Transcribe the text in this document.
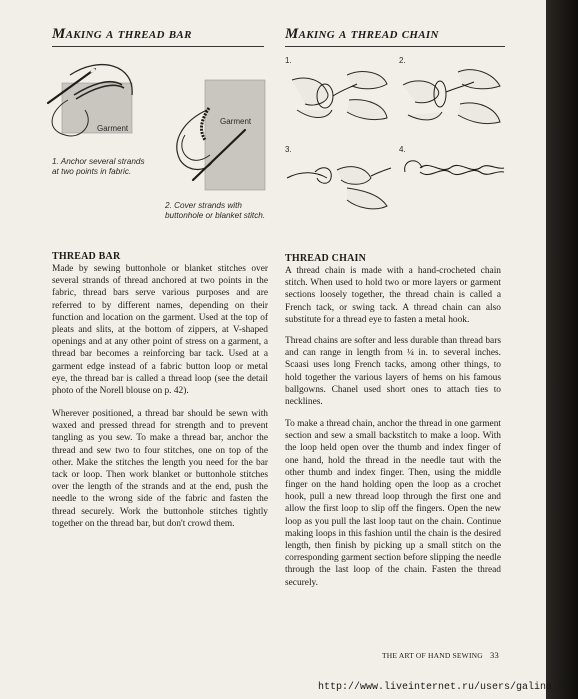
Making a thread bar	Making a thread chain
Garment
1. Anchor several strands at two points in fabric.
Garment
2. Cover strands with buttonhole or blanket stitch.
1.	2.
3.	4.
THREAD BAR

Made by sewing buttonhole or blanket stitches over several strands of thread anchored at two points in the fabric, thread bars serve various purposes and are referred to by different names, depending on their function and location on the garment. Used at the top of pleats and slits, at the bottom of zippers, at V-shaped openings and at any other point of stress on a garment, a thread bar becomes a reinforcing bar tack. Used at a garment edge instead of a fabric button loop or metal eye, the thread bar is called a thread loop (see the detail photo of the Norell blouse on p. 42).

Wherever positioned, a thread bar should be sewn with waxed and pressed thread for strength and to prevent tangling as you sew. To make a thread bar, anchor the thread and sew two to four stitches, one on top of the other. Make the stitches the length you need for the bar tack or loop. Then work blanket or buttonhole stitches over the length of the strands and at the end, push the needle to the wrong side of the fabric and fasten the thread securely. Work the buttonhole stitches tightly together on the thread bar, but don't crowd them.

THREAD CHAIN

A thread chain is made with a hand-crocheted chain stitch. When used to hold two or more layers or garment sections loosely together, the thread chain is called a French tack, or swing tack. A thread chain can also substitute for a thread eye to fasten a metal hook.

Thread chains are softer and less durable than thread bars and can range in length from ¼ in. to several inches. Scaasi uses long French tacks, among other things, to hold together the various layers of hems on his famous ballgowns. Chanel used short ones to attach ties to necklines.

To make a thread chain, anchor the thread in one garment section and sew a small backstitch to make a loop. With the loop held open over the thumb and index finger of one hand, hold the thread in the needle taut with the other thumb and index finger. Then, using the middle finger on the hand holding open the loop as a crochet hook, pull a new thread loop through the first one and allow the first loop to slip off the fingers. Open the new loop as you pull the last loop taut on the chain. Continue making loops in this fashion until the chain is the desired length, then finish by picking up a small stitch on the corresponding garment section before slipping the needle through the last loop of the chain. Fasten the thread securely.

THE ART OF HAND SEWING 33
http://www.liveinternet.ru/users/galina_r/
